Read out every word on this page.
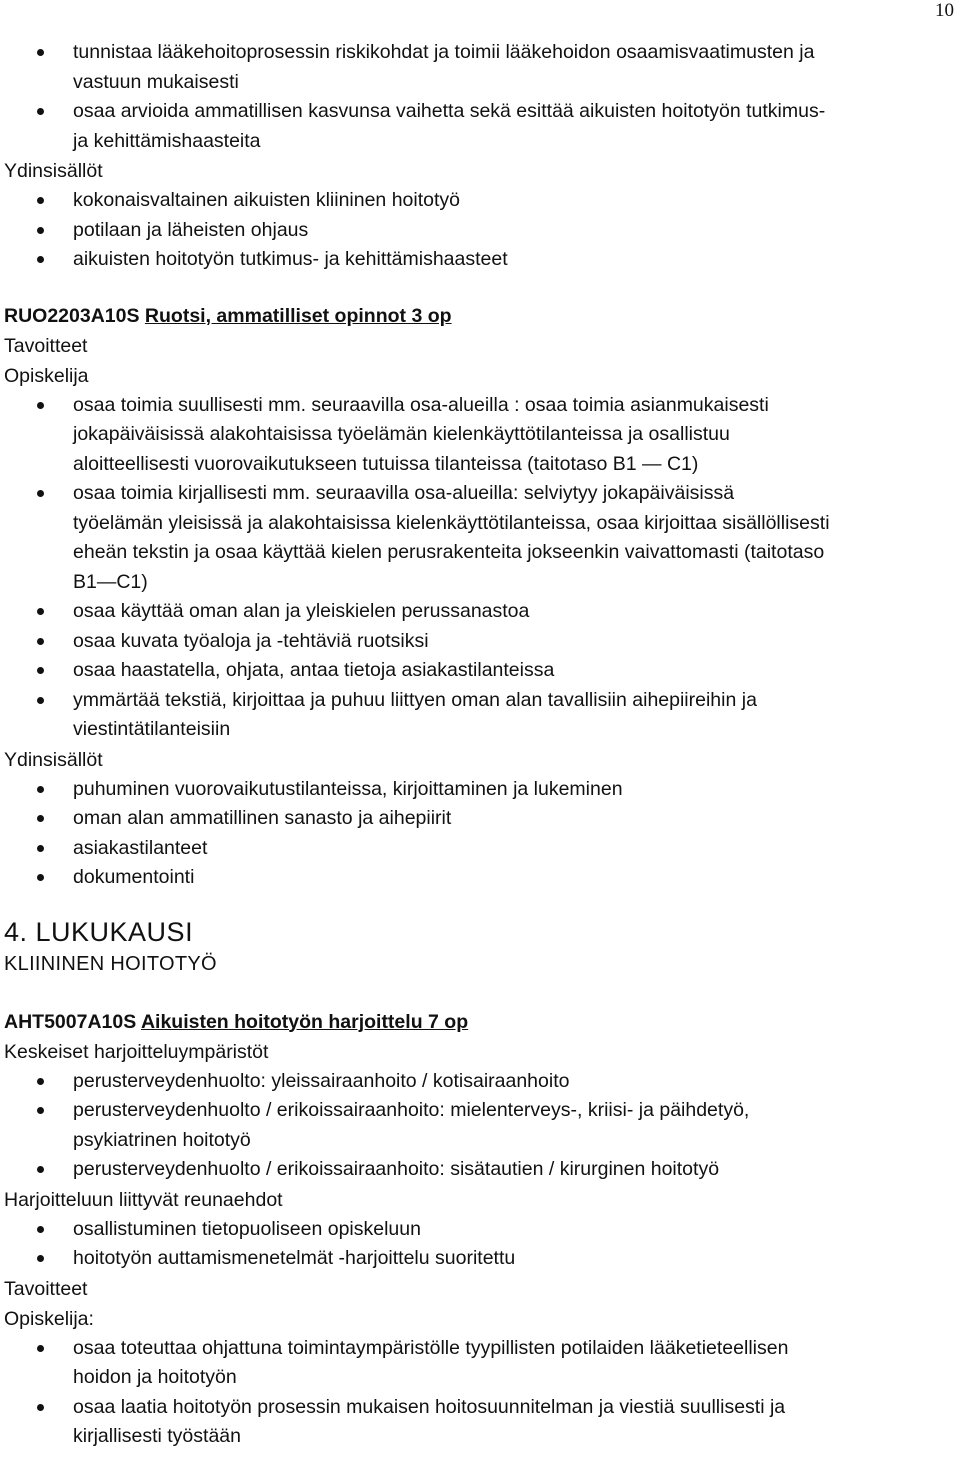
10
tunnistaa lääkehoitoprosessin riskikohdat ja toimii lääkehoidon osaamisvaatimusten ja
vastuun mukaisesti
osaa arvioida ammatillisen kasvunsa vaihetta sekä esittää aikuisten hoitotyön tutkimus-
ja kehittämishaasteita

Ydinsisällöt

kokonaisvaltainen aikuisten kliininen hoitotyö
potilaan ja läheisten ohjaus
aikuisten hoitotyön tutkimus- ja kehittämishaasteet

RUO2203A10S Ruotsi, ammatilliset opinnot 3 op

Tavoitteet

Opiskelija

osaa toimia suullisesti mm. seuraavilla osa-alueilla : osaa toimia asianmukaisesti
jokapäiväisissä alakohtaisissa työelämän kielenkäyttötilanteissa ja osallistuu
aloitteellisesti vuorovaikutukseen tutuissa tilanteissa (taitotaso B1 — C1)
osaa toimia kirjallisesti mm. seuraavilla osa-alueilla: selviytyy jokapäiväisissä
työelämän yleisissä ja alakohtaisissa kielenkäyttötilanteissa, osaa kirjoittaa sisällöllisesti
eheän tekstin ja osaa käyttää kielen perusrakenteita jokseenkin vaivattomasti (taitotaso
B1—C1)
osaa käyttää oman alan ja yleiskielen perussanastoa
osaa kuvata työaloja ja -tehtäviä ruotsiksi
osaa haastatella, ohjata, antaa tietoja asiakastilanteissa
ymmärtää tekstiä, kirjoittaa ja puhuu liittyen oman alan tavallisiin aihepiireihin ja
viestintätilanteisiin

Ydinsisällöt

puhuminen vuorovaikutustilanteissa, kirjoittaminen ja lukeminen
oman alan ammatillinen sanasto ja aihepiirit
asiakastilanteet
dokumentointi

4. LUKUKAUSI

KLIININEN HOITOTYÖ

AHT5007A10S Aikuisten hoitotyön harjoittelu 7 op

Keskeiset harjoitteluympäristöt

perusterveydenhuolto: yleissairaanhoito / kotisairaanhoito
perusterveydenhuolto / erikoissairaanhoito: mielenterveys-, kriisi- ja päihdetyö,
psykiatrinen hoitotyö
perusterveydenhuolto / erikoissairaanhoito: sisätautien / kirurginen hoitotyö

Harjoitteluun liittyvät reunaehdot

osallistuminen tietopuoliseen opiskeluun
hoitotyön auttamismenetelmät -harjoittelu suoritettu

Tavoitteet

Opiskelija:

osaa toteuttaa ohjattuna toimintaympäristölle tyypillisten potilaiden lääketieteellisen
hoidon ja hoitotyön
osaa laatia hoitotyön prosessin mukaisen hoitosuunnitelman ja viestiä suullisesti ja
kirjallisesti työstään
